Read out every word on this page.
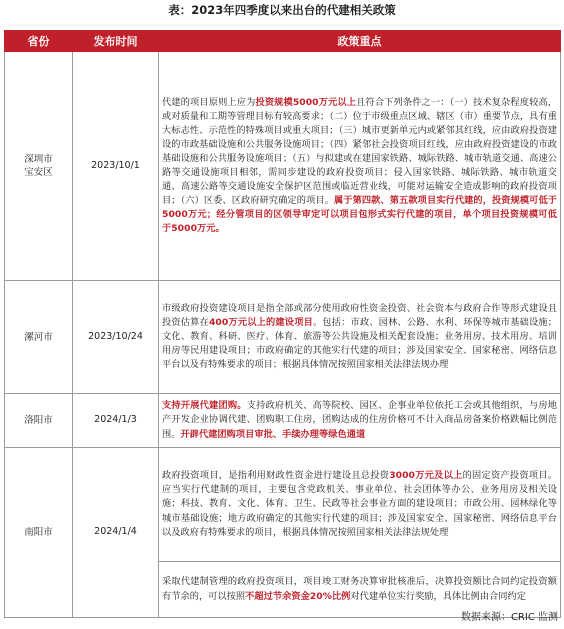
表：2023年四季度以来出台的代建相关政策
省份	发布时间	政策重点

深圳市
宝安区	2023/10/1	代建的项目原则上应为投资规模5000万元以上且符合下列条件之一：（一）技术复杂程度较高，或对质量和工期等管理目标有较高要求；（二）位于市级重点区域、辖区（市）重要节点，具有重大标志性、示范性的特殊项目或重大项目；（三）城市更新单元内或紧邻其红线，应由政府投资建设的市政基础设施和公共服务设施项目；（四）紧邻社会投资项目红线，应由政府投资建设的市政基础设施和公共服务设施项目；（五）与拟建或在建国家铁路、城际铁路、城市轨道交通、高速公路等交通设施项目相邻，需同步建设的政府投资项目；侵入国家铁路、城际铁路、城市轨道交通、高速公路等交通设施安全保护区范围或临近营业线，可能对运输安全造成影响的政府投资项目；（六）区委、区政府研究确定的项目。属于第四款、第五款项目实行代建的，投资规模可低于5000万元；经分管项目的区领导审定可以项目包形式实行代建的项目，单个项目投资规模可低于5000万元。

漯河市	2023/10/24	市级政府投资建设项目是指全部或部分使用政府性资金投资、社会资本与政府合作等形式建设且投资估算在400万元以上的建设项目。包括：市政、园林、公路、水利、环保等城市基础设施；文化、教育、科研、医疗、体育、旅游等公共设施及相关配套设施；业务用房、技术用房、培训用房等民用建设项目；市政府确定的其他实行代建的项目；涉及国家安全、国家秘密、网络信息平台以及有特殊要求的项目；根据具体情况按照国家相关法律法规办理

洛阳市	2024/1/3	支持开展代建团购。支持政府机关、高等院校、园区、企事业单位依托工会或其他组织，与房地产开发企业协调代建、团购职工住房，团购达成的住房价格可不计入商品房备案价格跌幅比例范围。开辟代建团购项目审批、手续办理等绿色通道

南阳市	2024/1/4	政府投资项目，是指利用财政性资金进行建设且总投资3000万元及以上的固定资产投资项目。应当实行代建制的项目，主要包含党政机关、事业单位、社会团体等办公、业务用房及相关设施；科技、教育、文化、体育、卫生、民政等社会事业方面的建设项目；市政公用、园林绿化等城市基础设施；地方政府确定的其他实行代建的项目；涉及国家安全、国家秘密、网络信息平台以及政府有特殊要求的项目，根据具体情况按照国家相关法律法规处理
		采取代建制管理的政府投资项目，项目竣工财务决算审批核准后，决算投资额比合同约定投资额有节余的，可以按照不超过节余资金20%比例对代建单位实行奖励，具体比例由合同约定
数据来源：CRIC 监测
